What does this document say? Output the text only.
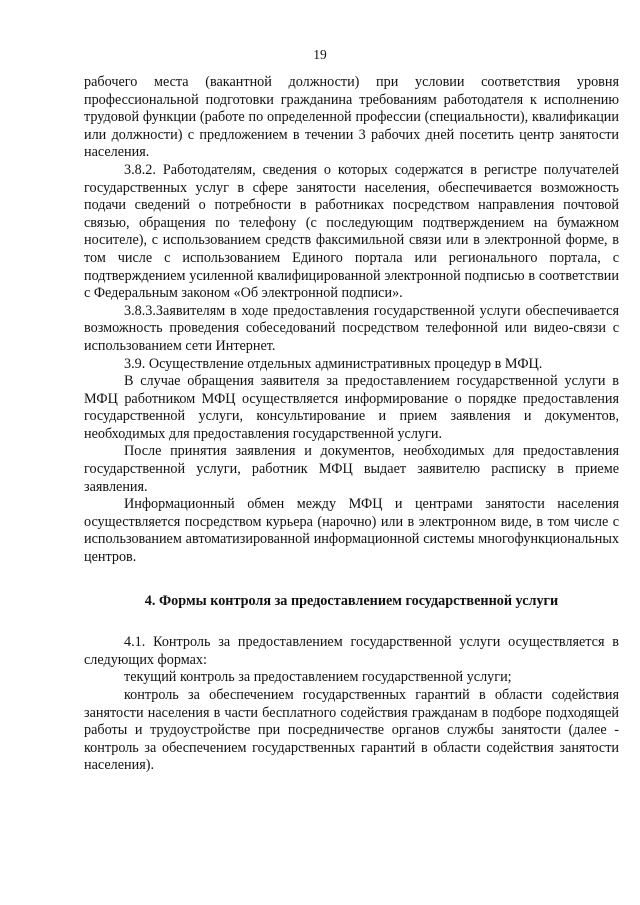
19

рабочего места (вакантной должности) при условии соответствия уровня профессиональной подготовки гражданина требованиям работодателя к исполнению трудовой функции (работе по определенной профессии (специальности), квалификации или должности) с предложением в течении 3 рабочих дней посетить центр занятости населения.

3.8.2. Работодателям, сведения о которых содержатся в регистре получателей государственных услуг в сфере занятости населения, обеспечивается возможность подачи сведений о потребности в работниках посредством направления почтовой связью, обращения по телефону (с последующим подтверждением на бумажном носителе), с использованием средств факсимильной связи или в электронной форме, в том числе с использованием Единого портала или регионального портала, с подтверждением усиленной квалифицированной электронной подписью в соответствии с Федеральным законом «Об электронной подписи».

3.8.3.Заявителям в ходе предоставления государственной услуги обеспечивается возможность проведения собеседований посредством телефонной или видео-связи с использованием сети Интернет.

3.9. Осуществление отдельных административных процедур в МФЦ.

В случае обращения заявителя за предоставлением государственной услуги в МФЦ работником МФЦ осуществляется информирование о порядке предоставления государственной услуги, консультирование и прием заявления и документов, необходимых для предоставления государственной услуги.

После принятия заявления и документов, необходимых для предоставления государственной услуги, работник МФЦ выдает заявителю расписку в приеме заявления.

Информационный обмен между МФЦ и центрами занятости населения осуществляется посредством курьера (нарочно) или в электронном виде, в том числе с использованием автоматизированной информационной системы многофункциональных центров.

4. Формы контроля за предоставлением государственной услуги

4.1. Контроль за предоставлением государственной услуги осуществляется в следующих формах:

текущий контроль за предоставлением государственной услуги;

контроль за обеспечением государственных гарантий в области содействия занятости населения в части бесплатного содействия гражданам в подборе подходящей работы и трудоустройстве при посредничестве органов службы занятости (далее - контроль за обеспечением государственных гарантий в области содействия занятости населения).
